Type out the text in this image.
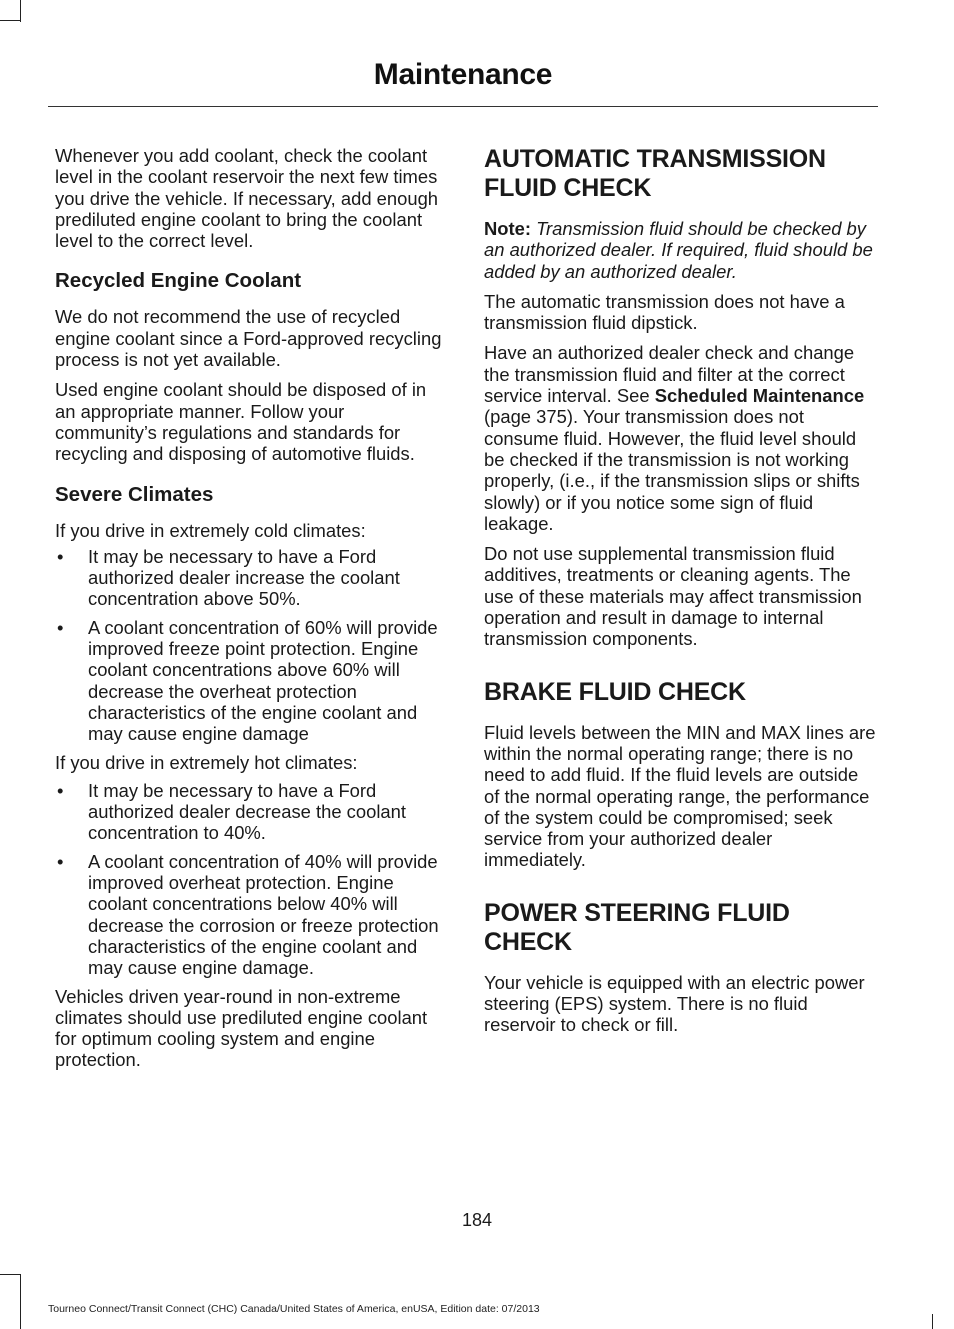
Maintenance

Whenever you add coolant, check the coolant level in the coolant reservoir the next few times you drive the vehicle. If necessary, add enough prediluted engine coolant to bring the coolant level to the correct level.

Recycled Engine Coolant

We do not recommend the use of recycled engine coolant since a Ford-approved recycling process is not yet available.

Used engine coolant should be disposed of in an appropriate manner. Follow your community’s regulations and standards for recycling and disposing of automotive fluids.

Severe Climates

If you drive in extremely cold climates:

• It may be necessary to have a Ford authorized dealer increase the coolant concentration above 50%.
• A coolant concentration of 60% will provide improved freeze point protection. Engine coolant concentrations above 60% will decrease the overheat protection characteristics of the engine coolant and may cause engine damage

If you drive in extremely hot climates:

• It may be necessary to have a Ford authorized dealer decrease the coolant concentration to 40%.
• A coolant concentration of 40% will provide improved overheat protection. Engine coolant concentrations below 40% will decrease the corrosion or freeze protection characteristics of the engine coolant and may cause engine damage.

Vehicles driven year-round in non-extreme climates should use prediluted engine coolant for optimum cooling system and engine protection.

AUTOMATIC TRANSMISSION FLUID CHECK

Note: Transmission fluid should be checked by an authorized dealer. If required, fluid should be added by an authorized dealer.

The automatic transmission does not have a transmission fluid dipstick.

Have an authorized dealer check and change the transmission fluid and filter at the correct service interval. See Scheduled Maintenance (page 375). Your transmission does not consume fluid. However, the fluid level should be checked if the transmission is not working properly, (i.e., if the transmission slips or shifts slowly) or if you notice some sign of fluid leakage.

Do not use supplemental transmission fluid additives, treatments or cleaning agents. The use of these materials may affect transmission operation and result in damage to internal transmission components.

BRAKE FLUID CHECK

Fluid levels between the MIN and MAX lines are within the normal operating range; there is no need to add fluid. If the fluid levels are outside of the normal operating range, the performance of the system could be compromised; seek service from your authorized dealer immediately.

POWER STEERING FLUID CHECK

Your vehicle is equipped with an electric power steering (EPS) system. There is no fluid reservoir to check or fill.

184
Tourneo Connect/Transit Connect (CHC) Canada/United States of America, enUSA, Edition date: 07/2013
